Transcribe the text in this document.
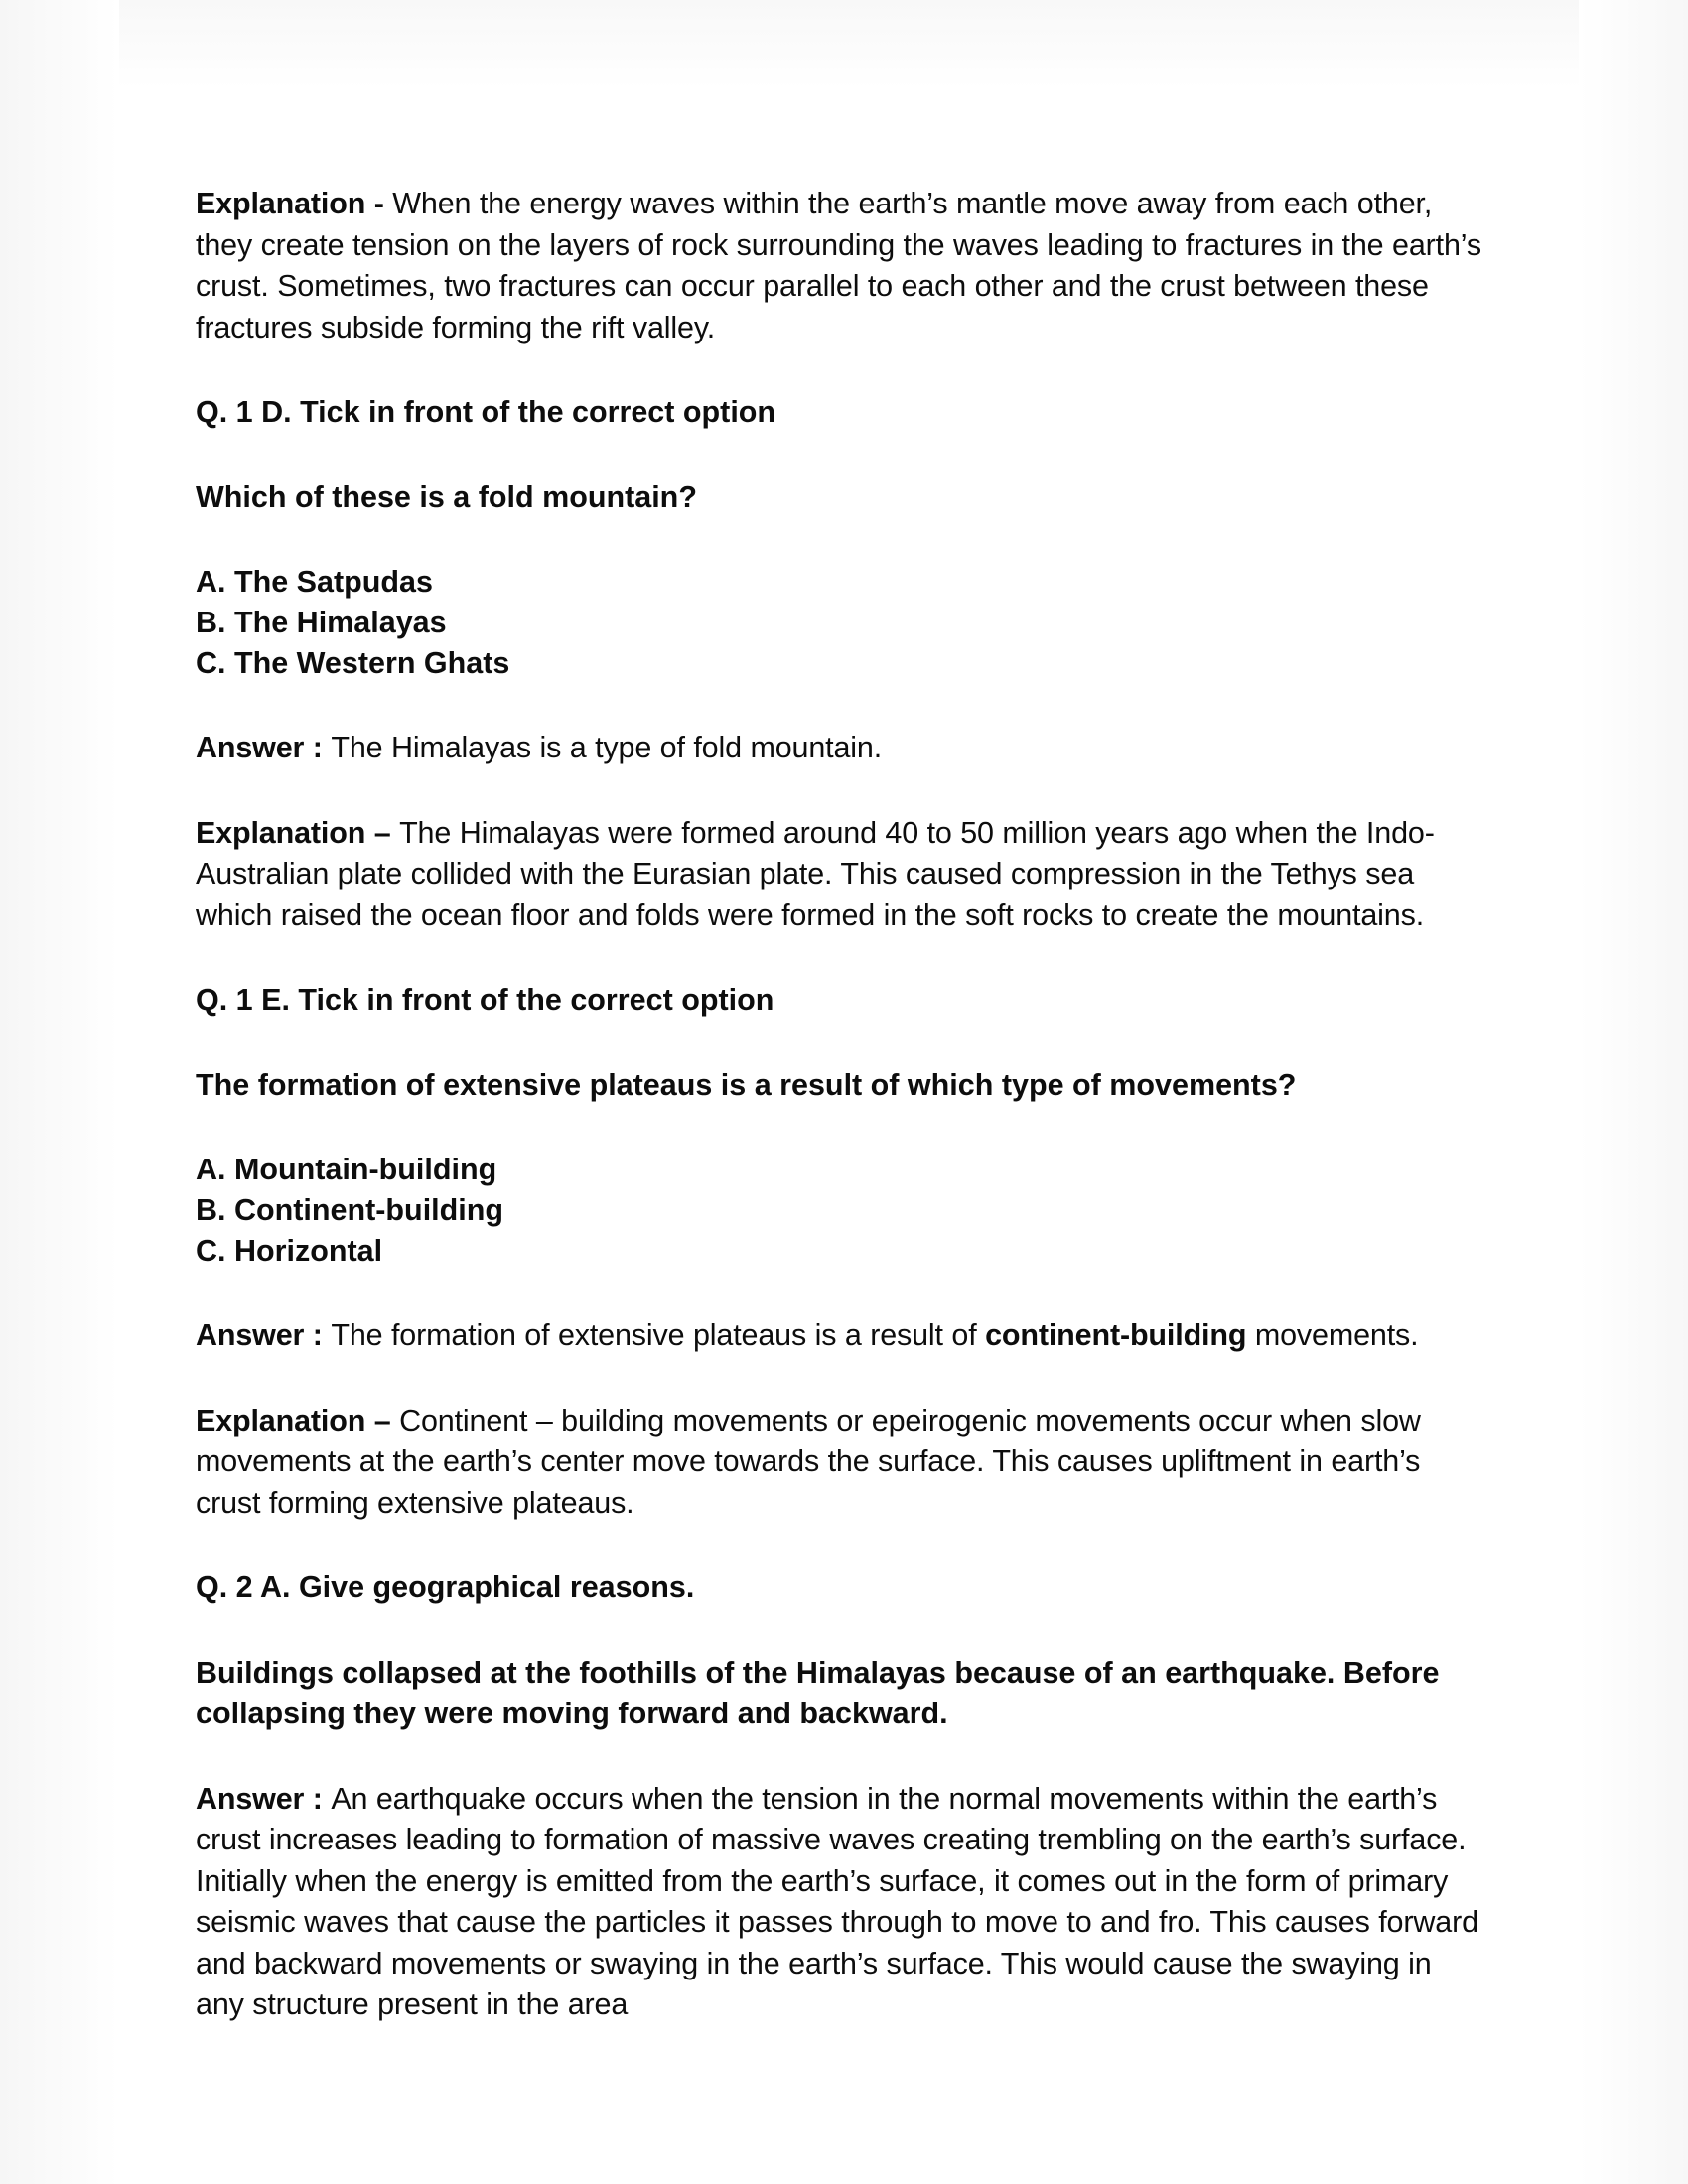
Explanation - When the energy waves within the earth’s mantle move away from each other, they create tension on the layers of rock surrounding the waves leading to fractures in the earth’s crust. Sometimes, two fractures can occur parallel to each other and the crust between these fractures subside forming the rift valley.

Q. 1 D. Tick in front of the correct option

Which of these is a fold mountain?

A. The Satpudas
B. The Himalayas
C. The Western Ghats

Answer : The Himalayas is a type of fold mountain.

Explanation – The Himalayas were formed around 40 to 50 million years ago when the Indo-Australian plate collided with the Eurasian plate. This caused compression in the Tethys sea which raised the ocean floor and folds were formed in the soft rocks to create the mountains.

Q. 1 E. Tick in front of the correct option

The formation of extensive plateaus is a result of which type of movements?

A. Mountain-building
B. Continent-building
C. Horizontal

Answer : The formation of extensive plateaus is a result of continent-building movements.

Explanation – Continent – building movements or epeirogenic movements occur when slow movements at the earth’s center move towards the surface. This causes upliftment in earth’s crust forming extensive plateaus.

Q. 2 A. Give geographical reasons.

Buildings collapsed at the foothills of the Himalayas because of an earthquake. Before collapsing they were moving forward and backward.

Answer : An earthquake occurs when the tension in the normal movements within the earth’s crust increases leading to formation of massive waves creating trembling on the earth’s surface. Initially when the energy is emitted from the earth’s surface, it comes out in the form of primary seismic waves that cause the particles it passes through to move to and fro. This causes forward and backward movements or swaying in the earth’s surface. This would cause the swaying in any structure present in the area
